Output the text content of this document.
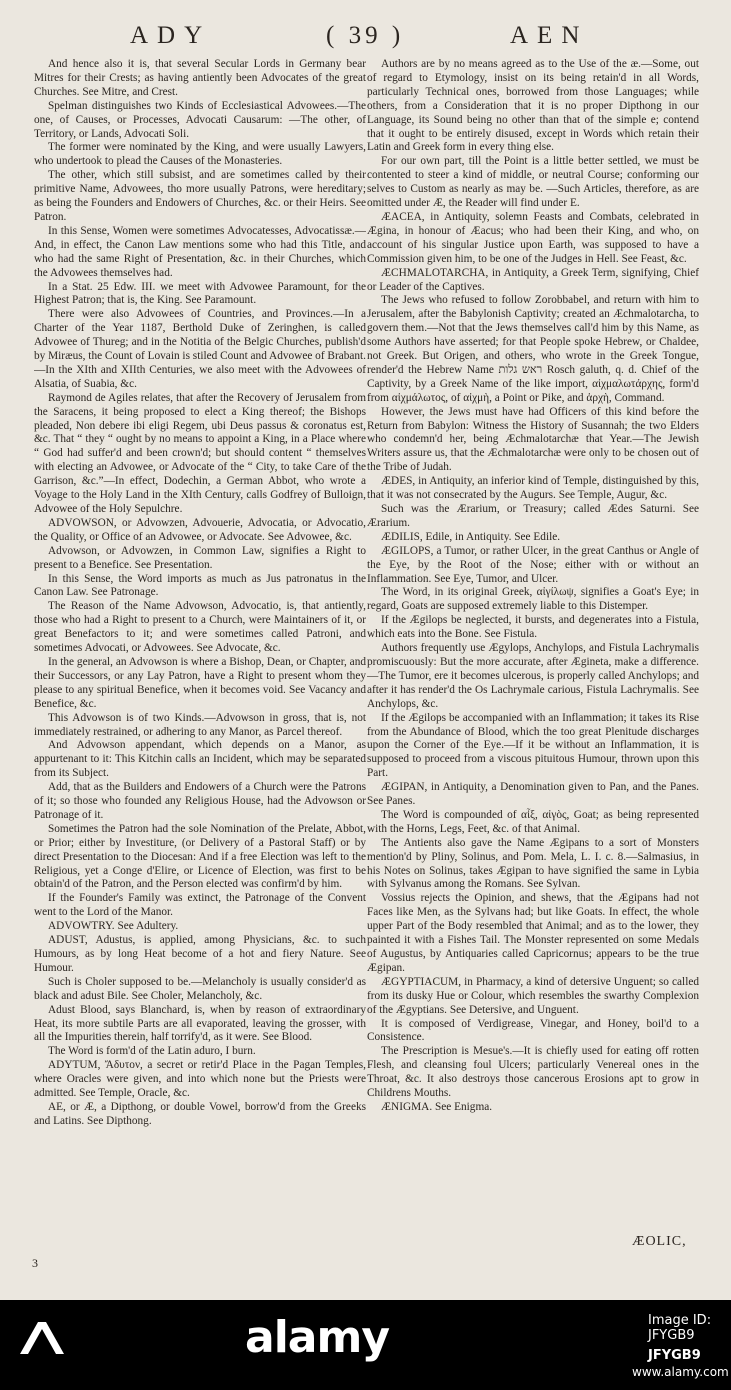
ADY	( 39 )	AEN

And hence also it is, that several Secular Lords in Germany bear Mitres for their Crests; as having antiently been Advocates of the great Churches. See Mitre, and Crest.

Spelman distinguishes two Kinds of Ecclesiastical Advowees.—The one, of Causes, or Processes, Advocati Causarum: —The other, of Territory, or Lands, Advocati Soli.

The former were nominated by the King, and were usually Lawyers, who undertook to plead the Causes of the Monasteries.

The other, which still subsist, and are sometimes called by their primitive Name, Advowees, tho more usually Patrons, were hereditary; as being the Founders and Endowers of Churches, &c. or their Heirs. See Patron.

In this Sense, Women were sometimes Advocatesses, Advocatissæ.—And, in effect, the Canon Law mentions some who had this Title, and who had the same Right of Presentation, &c. in their Churches, which the Advowees themselves had.

In a Stat. 25 Edw. III. we meet with Advowee Paramount, for the Highest Patron; that is, the King. See Paramount.

There were also Advowees of Countries, and Provinces.—In a Charter of the Year 1187, Berthold Duke of Zeringhen, is called Advowee of Thureg; and in the Notitia of the Belgic Churches, publish'd by Miræus, the Count of Lovain is stiled Count and Advowee of Brabant.—In the XIth and XIIth Centuries, we also meet with the Advowees of Alsatia, of Suabia, &c.

Raymond de Agiles relates, that after the Recovery of Jerusalem from the Saracens, it being proposed to elect a King thereof; the Bishops pleaded, Non debere ibi eligi Regem, ubi Deus passus & coronatus est, &c. That “ they “ ought by no means to appoint a King, in a Place where “ God had suffer'd and been crown'd; but should content “ themselves with electing an Advowee, or Advocate of the “ City, to take Care of the Garrison, &c.”—In effect, Dodechin, a German Abbot, who wrote a Voyage to the Holy Land in the XIth Century, calls Godfrey of Bulloign, Advowee of the Holy Sepulchre.

ADVOWSON, or Advowzen, Advouerie, Advocatia, or Advocatio, the Quality, or Office of an Advowee, or Advocate. See Advowee, &c.

Advowson, or Advowzen, in Common Law, signifies a Right to present to a Benefice. See Presentation.

In this Sense, the Word imports as much as Jus patronatus in the Canon Law. See Patronage.

The Reason of the Name Advowson, Advocatio, is, that antiently, those who had a Right to present to a Church, were Maintainers of it, or great Benefactors to it; and were sometimes called Patroni, and sometimes Advocati, or Advowees. See Advocate, &c.

In the general, an Advowson is where a Bishop, Dean, or Chapter, and their Successors, or any Lay Patron, have a Right to present whom they please to any spiritual Benefice, when it becomes void. See Vacancy and Benefice, &c.

This Advowson is of two Kinds.—Advowson in gross, that is, not immediately restrained, or adhering to any Manor, as Parcel thereof.

And Advowson appendant, which depends on a Manor, as appurtenant to it: This Kitchin calls an Incident, which may be separated from its Subject.

Add, that as the Builders and Endowers of a Church were the Patrons of it; so those who founded any Religious House, had the Advowson or Patronage of it.

Sometimes the Patron had the sole Nomination of the Prelate, Abbot, or Prior; either by Investiture, (or Delivery of a Pastoral Staff) or by direct Presentation to the Diocesan: And if a free Election was left to the Religious, yet a Conge d'Elire, or Licence of Election, was first to be obtain'd of the Patron, and the Person elected was confirm'd by him.

If the Founder's Family was extinct, the Patronage of the Convent went to the Lord of the Manor.

ADVOWTRY. See Adultery.

ADUST, Adustus, is applied, among Physicians, &c. to such Humours, as by long Heat become of a hot and fiery Nature. See Humour.

Such is Choler supposed to be.—Melancholy is usually consider'd as black and adust Bile. See Choler, Melancholy, &c.

Adust Blood, says Blanchard, is, when by reason of extraordinary Heat, its more subtile Parts are all evaporated, leaving the grosser, with all the Impurities therein, half torrify'd, as it were. See Blood.

The Word is form'd of the Latin aduro, I burn.

ADYTUM, Ἄδυτον, a secret or retir'd Place in the Pagan Temples, where Oracles were given, and into which none but the Priests were admitted. See Temple, Oracle, &c.

AE, or Æ, a Dipthong, or double Vowel, borrow'd from the Greeks and Latins. See Dipthong.

Authors are by no means agreed as to the Use of the æ.—Some, out of regard to Etymology, insist on its being retain'd in all Words, particularly Technical ones, borrowed from those Languages; while others, from a Consideration that it is no proper Dipthong in our Language, its Sound being no other than that of the simple e; contend that it ought to be entirely disused, except in Words which retain their Latin and Greek form in every thing else.

For our own part, till the Point is a little better settled, we must be contented to steer a kind of middle, or neutral Course; conforming our selves to Custom as nearly as may be. —Such Articles, therefore, as are omitted under Æ, the Reader will find under E.

ÆACEA, in Antiquity, solemn Feasts and Combats, celebrated in Ægina, in honour of Æacus; who had been their King, and who, on account of his singular Justice upon Earth, was supposed to have a Commission given him, to be one of the Judges in Hell. See Feast, &c.

ÆCHMALOTARCHA, in Antiquity, a Greek Term, signifying, Chief or Leader of the Captives.

The Jews who refused to follow Zorobbabel, and return with him to Jerusalem, after the Babylonish Captivity; created an Æchmalotarcha, to govern them.—Not that the Jews themselves call'd him by this Name, as some Authors have asserted; for that People spoke Hebrew, or Chaldee, not Greek. But Origen, and others, who wrote in the Greek Tongue, render'd the Hebrew Name ראש גלות Rosch galuth, q. d. Chief of the Captivity, by a Greek Name of the like import, αἰχμαλωτάρχης, form'd from αἰχμάλωτος, of αἰχμὴ, a Point or Pike, and ἀρχὴ, Command.

However, the Jews must have had Officers of this kind before the Return from Babylon: Witness the History of Susannah; the two Elders who condemn'd her, being Æchmalotarchæ that Year.—The Jewish Writers assure us, that the Æchmalotarchæ were only to be chosen out of the Tribe of Judah.

ÆDES, in Antiquity, an inferior kind of Temple, distinguished by this, that it was not consecrated by the Augurs. See Temple, Augur, &c.

Such was the Ærarium, or Treasury; called Ædes Saturni. See Ærarium.

ÆDILIS, Edile, in Antiquity. See Edile.

ÆGILOPS, a Tumor, or rather Ulcer, in the great Canthus or Angle of the Eye, by the Root of the Nose; either with or without an Inflammation. See Eye, Tumor, and Ulcer.

The Word, in its original Greek, αἰγίλωψ, signifies a Goat's Eye; in regard, Goats are supposed extremely liable to this Distemper.

If the Ægilops be neglected, it bursts, and degenerates into a Fistula, which eats into the Bone. See Fistula.

Authors frequently use Ægylops, Anchylops, and Fistula Lachrymalis promiscuously: But the more accurate, after Ægineta, make a difference.—The Tumor, ere it becomes ulcerous, is properly called Anchylops; and after it has render'd the Os Lachrymale carious, Fistula Lachrymalis. See Anchylops, &c.

If the Ægilops be accompanied with an Inflammation; it takes its Rise from the Abundance of Blood, which the too great Plenitude discharges upon the Corner of the Eye.—If it be without an Inflammation, it is supposed to proceed from a viscous pituitous Humour, thrown upon this Part.

ÆGIPAN, in Antiquity, a Denomination given to Pan, and the Panes. See Panes.

The Word is compounded of αἶξ, αἰγὸς, Goat; as being represented with the Horns, Legs, Feet, &c. of that Animal.

The Antients also gave the Name Ægipans to a sort of Monsters mention'd by Pliny, Solinus, and Pom. Mela, L. I. c. 8.—Salmasius, in his Notes on Solinus, takes Ægipan to have signified the same in Lybia with Sylvanus among the Romans. See Sylvan.

Vossius rejects the Opinion, and shews, that the Ægipans had not Faces like Men, as the Sylvans had; but like Goats. In effect, the whole upper Part of the Body resembled that Animal; and as to the lower, they painted it with a Fishes Tail. The Monster represented on some Medals of Augustus, by Antiquaries called Capricornus; appears to be the true Ægipan.

ÆGYPTIACUM, in Pharmacy, a kind of detersive Unguent; so called from its dusky Hue or Colour, which resembles the swarthy Complexion of the Ægyptians. See Detersive, and Unguent.

It is composed of Verdigrease, Vinegar, and Honey, boil'd to a Consistence.

The Prescription is Mesue's.—It is chiefly used for eating off rotten Flesh, and cleansing foul Ulcers; particularly Venereal ones in the Throat, &c. It also destroys those cancerous Erosions apt to grow in Childrens Mouths.

ÆNIGMA. See Enigma.

3
ÆOLIC,
alamy	Image ID: JFYGB9
JFYGB9
www.alamy.com
